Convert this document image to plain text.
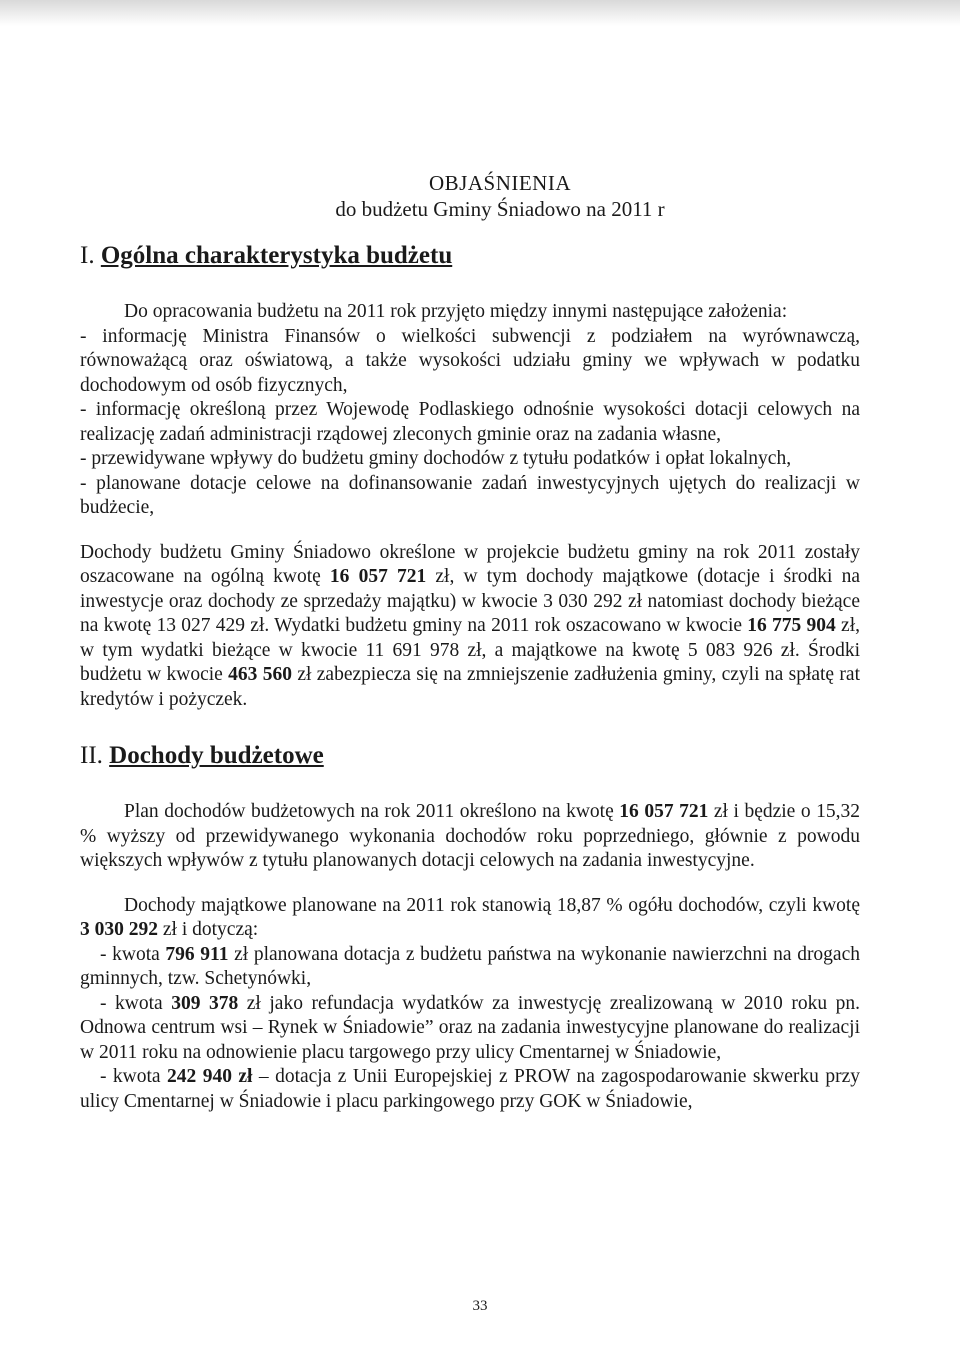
OBJAŚNIENIA
do budżetu Gminy Śniadowo na 2011 r
I. Ogólna charakterystyka budżetu

Do opracowania budżetu na 2011 rok przyjęto między innymi następujące założenia:

- informację Ministra Finansów o wielkości subwencji z podziałem na wyrównawczą, równoważącą oraz oświatową, a także wysokości udziału gminy we wpływach w podatku dochodowym od osób fizycznych,

- informację określoną przez Wojewodę Podlaskiego odnośnie wysokości dotacji celowych na realizację zadań administracji rządowej zleconych gminie oraz na zadania własne,

- przewidywane wpływy do budżetu gminy dochodów z tytułu podatków i opłat lokalnych,

- planowane dotacje celowe na dofinansowanie zadań inwestycyjnych ujętych do realizacji w budżecie,

Dochody budżetu Gminy Śniadowo określone w projekcie budżetu gminy na rok 2011 zostały oszacowane na ogólną kwotę 16 057 721 zł, w tym dochody majątkowe (dotacje i środki na inwestycje oraz dochody ze sprzedaży majątku) w kwocie 3 030 292 zł natomiast dochody bieżące na kwotę 13 027 429 zł. Wydatki budżetu gminy na 2011 rok oszacowano w kwocie 16 775 904 zł, w tym wydatki bieżące w kwocie 11 691 978 zł, a majątkowe na kwotę 5 083 926 zł. Środki budżetu w kwocie 463 560 zł zabezpiecza się na zmniejszenie zadłużenia gminy, czyli na spłatę rat kredytów i pożyczek.

II. Dochody budżetowe

Plan dochodów budżetowych na rok 2011 określono na kwotę 16 057 721 zł i będzie o 15,32 % wyższy od przewidywanego wykonania dochodów roku poprzedniego, głównie z powodu większych wpływów z tytułu planowanych dotacji celowych na zadania inwestycyjne.

Dochody majątkowe planowane na 2011 rok stanowią 18,87 % ogółu dochodów, czyli kwotę 3 030 292 zł i dotyczą:

- kwota 796 911 zł planowana dotacja z budżetu państwa na wykonanie nawierzchni na drogach gminnych, tzw. Schetynówki,

- kwota 309 378 zł jako refundacja wydatków za inwestycję zrealizowaną w 2010 roku pn. Odnowa centrum wsi – Rynek w Śniadowie” oraz na zadania inwestycyjne planowane do realizacji w 2011 roku na odnowienie placu targowego przy ulicy Cmentarnej w Śniadowie,

- kwota 242 940 zł – dotacja z Unii Europejskiej z PROW na zagospodarowanie skwerku przy ulicy Cmentarnej w Śniadowie i placu parkingowego przy GOK w Śniadowie,

33
